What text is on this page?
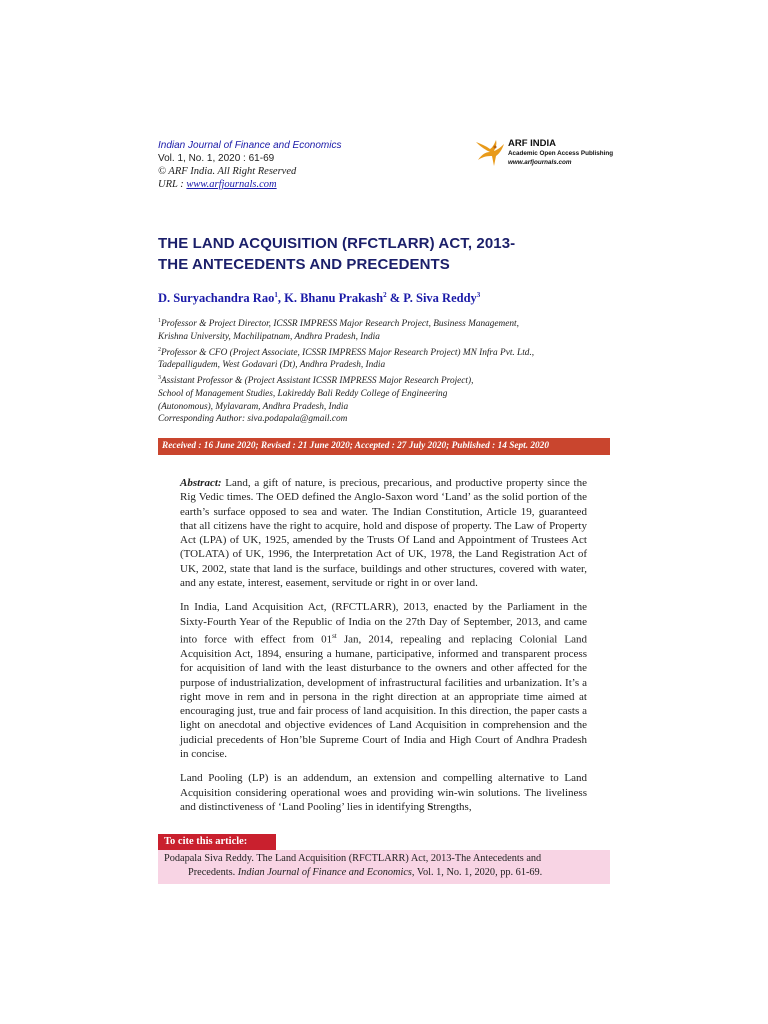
Indian Journal of Finance and Economics
Vol. 1, No. 1, 2020 : 61-69
© ARF India. All Right Reserved
URL : www.arfjournals.com
ARF INDIA
Academic Open Access Publishing
www.arfjournals.com
THE LAND ACQUISITION (RFCTLARR) ACT, 2013-
THE ANTECEDENTS AND PRECEDENTS
D. Suryachandra Rao$^1$, K. Bhanu Prakash$^2$ & P. Siva Reddy$^3$
$^1$Professor & Project Director, ICSSR IMPRESS Major Research Project, Business Management,
Krishna University, Machilipatnam, Andhra Pradesh, India
$^2$Professor & CFO (Project Associate, ICSSR IMPRESS Major Research Project) MN Infra Pvt. Ltd.,
Tadepalligudem, West Godavari (Dt), Andhra Pradesh, India
$^3$Assistant Professor & (Project Assistant ICSSR IMPRESS Major Research Project),
School of Management Studies, Lakireddy Bali Reddy College of Engineering
(Autonomous), Mylavaram, Andhra Pradesh, India
Corresponding Author: siva.podapala@gmail.com
Received : 16 June 2020; Revised : 21 June 2020; Accepted : 27 July 2020; Published : 14 Sept. 2020

Abstract: Land, a gift of nature, is precious, precarious, and productive property since the Rig Vedic times. The OED defined the Anglo-Saxon word ‘Land’ as the solid portion of the earth’s surface opposed to sea and water. The Indian Constitution, Article 19, guaranteed that all citizens have the right to acquire, hold and dispose of property. The Law of Property Act (LPA) of UK, 1925, amended by the Trusts Of Land and Appointment of Trustees Act (TOLATA) of UK, 1996, the Interpretation Act of UK, 1978, the Land Registration Act of UK, 2002, state that land is the surface, buildings and other structures, covered with water, and any estate, interest, easement, servitude or right in or over land.

In India, Land Acquisition Act, (RFCTLARR), 2013, enacted by the Parliament in the Sixty-Fourth Year of the Republic of India on the 27th Day of September, 2013, and came into force with effect from 01st Jan, 2014, repealing and replacing Colonial Land Acquisition Act, 1894, ensuring a humane, participative, informed and transparent process for acquisition of land with the least disturbance to the owners and other affected for the purpose of industrialization, development of infrastructural facilities and urbanization. It’s a right move in rem and in persona in the right direction at an appropriate time aimed at encouraging just, true and fair process of land acquisition. In this direction, the paper casts a light on anecdotal and objective evidences of Land Acquisition in comprehension and the judicial precedents of Hon’ble Supreme Court of India and High Court of Andhra Pradesh in concise.

Land Pooling (LP) is an addendum, an extension and compelling alternative to Land Acquisition considering operational woes and providing win-win solutions. The liveliness and distinctiveness of ‘Land Pooling’ lies in identifying Strengths,

To cite this article:
Podapala Siva Reddy. The Land Acquisition (RFCTLARR) Act, 2013-The Antecedents and
Precedents. Indian Journal of Finance and Economics, Vol. 1, No. 1, 2020, pp. 61-69.
